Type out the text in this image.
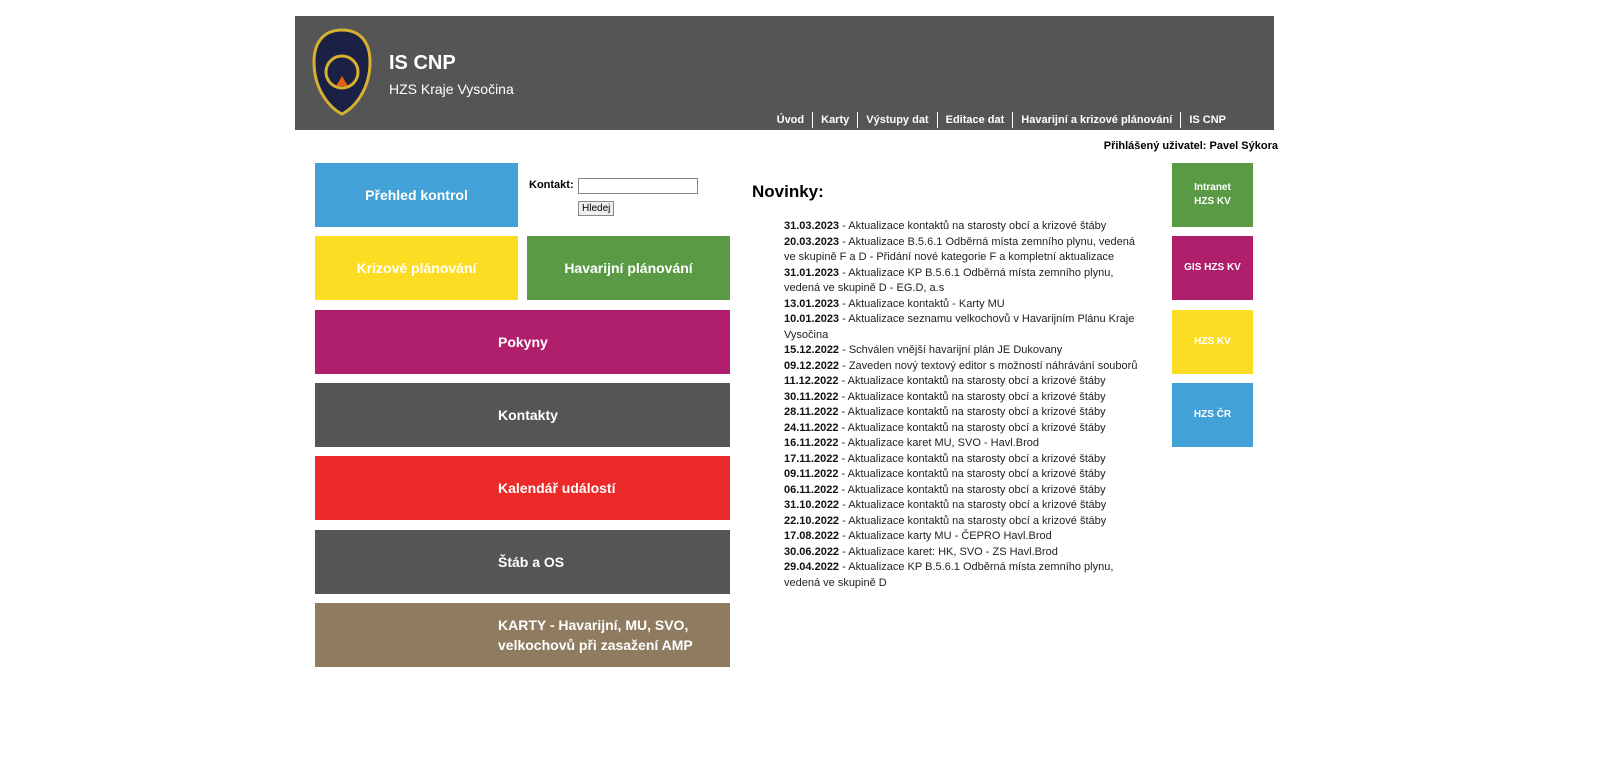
IS CNP
HZS Kraje Vysočina
Úvod	Karty	Výstupy dat	Editace dat	Havarijní a krizové plánování	IS CNP
Přihlášený uživatel: Pavel Sýkora
Přehled kontrol
Kontakt:
Hledej
Krizové plánování	Havarijní plánování
Pokyny
Kontakty
Kalendář událostí
Štáb a OS
KARTY - Havarijní, MU, SVO, velkochovů při zasažení AMP
Novinky:
31.03.2023 - Aktualizace kontaktů na starosty obcí a krizové štáby
20.03.2023 - Aktualizace B.5.6.1 Odběrná místa zemního plynu, vedená ve skupině F a D - Přidání nové kategorie F a kompletní aktualizace
31.01.2023 - Aktualizace KP B.5.6.1 Odběrná místa zemního plynu, vedená ve skupině D - EG.D, a.s
13.01.2023 - Aktualizace kontaktů - Karty MU
10.01.2023 - Aktualizace seznamu velkochovů v Havarijním Plánu Kraje Vysočina
15.12.2022 - Schválen vnější havarijní plán JE Dukovany
09.12.2022 - Zaveden nový textový editor s možností náhrávání souborů
11.12.2022 - Aktualizace kontaktů na starosty obcí a krizové štáby
30.11.2022 - Aktualizace kontaktů na starosty obcí a krizové štáby
28.11.2022 - Aktualizace kontaktů na starosty obcí a krizové štáby
24.11.2022 - Aktualizace kontaktů na starosty obcí a krizové štáby
16.11.2022 - Aktualizace karet MU, SVO - Havl.Brod
17.11.2022 - Aktualizace kontaktů na starosty obcí a krizové štáby
09.11.2022 - Aktualizace kontaktů na starosty obcí a krizové štáby
06.11.2022 - Aktualizace kontaktů na starosty obcí a krizové štáby
31.10.2022 - Aktualizace kontaktů na starosty obcí a krizové štáby
22.10.2022 - Aktualizace kontaktů na starosty obcí a krizové štáby
17.08.2022 - Aktualizace karty MU - ČEPRO Havl.Brod
30.06.2022 - Aktualizace karet: HK, SVO - ZS Havl.Brod
29.04.2022 - Aktualizace KP B.5.6.1 Odběrná místa zemního plynu, vedená ve skupině D
Intranet HZS KV
GIS HZS KV
HZS KV
HZS ČR
